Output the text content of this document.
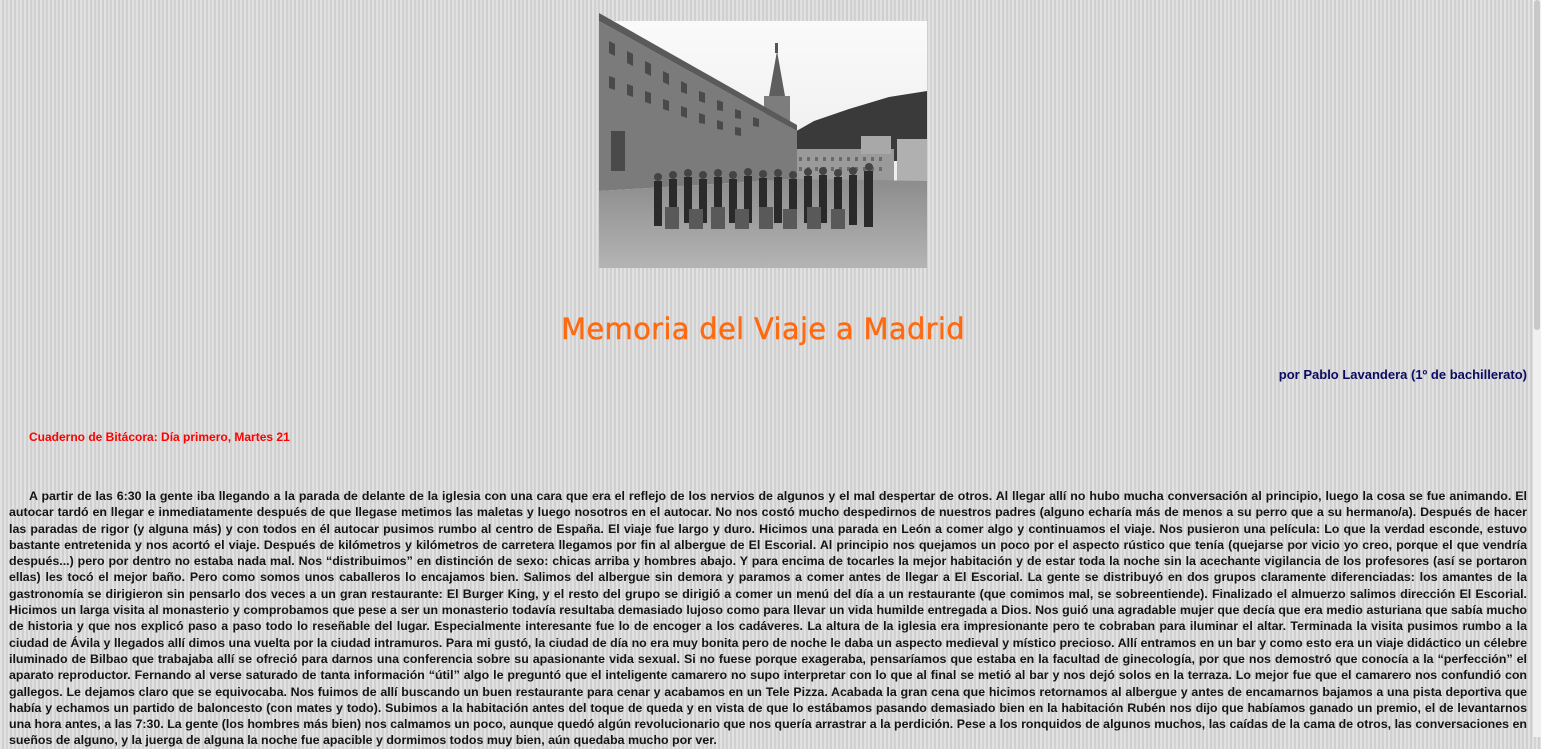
Memoria del Viaje a Madrid

por Pablo Lavandera (1º de bachillerato)

Cuaderno de Bitácora: Día primero, Martes 21

A partir de las 6:30 la gente iba llegando a la parada de delante de la iglesia con una cara que era el reflejo de los nervios de algunos y el mal despertar de otros. Al llegar allí no hubo mucha conversación al principio, luego la cosa se fue animando. El autocar tardó en llegar e inmediatamente después de que llegase metimos las maletas y luego nosotros en el autocar. No nos costó mucho despedirnos de nuestros padres (alguno echaría más de menos a su perro que a su hermano/a). Después de hacer las paradas de rigor (y alguna más) y con todos en él autocar pusimos rumbo al centro de España. El viaje fue largo y duro. Hicimos una parada en León a comer algo y continuamos el viaje. Nos pusieron una película: Lo que la verdad esconde, estuvo bastante entretenida y nos acortó el viaje. Después de kilómetros y kilómetros de carretera llegamos por fin al albergue de El Escorial. Al principio nos quejamos un poco por el aspecto rústico que tenía (quejarse por vicio yo creo, porque el que vendría después...) pero por dentro no estaba nada mal. Nos “distribuimos” en distinción de sexo: chicas arriba y hombres abajo. Y para encima de tocarles la mejor habitación y de estar toda la noche sin la acechante vigilancia de los profesores (así se portaron ellas) les tocó el mejor baño. Pero como somos unos caballeros lo encajamos bien. Salimos del albergue sin demora y paramos a comer antes de llegar a El Escorial. La gente se distribuyó en dos grupos claramente diferenciadas: los amantes de la gastronomía se dirigieron sin pensarlo dos veces a un gran restaurante: El Burger King, y el resto del grupo se dirigió a comer un menú del día a un restaurante (que comimos mal, se sobreentiende). Finalizado el almuerzo salimos dirección El Escorial. Hicimos un larga visita al monasterio y comprobamos que pese a ser un monasterio todavía resultaba demasiado lujoso como para llevar un vida humilde entregada a Dios. Nos guió una agradable mujer que decía que era medio asturiana que sabía mucho de historia y que nos explicó paso a paso todo lo reseñable del lugar. Especialmente interesante fue lo de encoger a los cadáveres. La altura de la iglesia era impresionante pero te cobraban para iluminar el altar. Terminada la visita pusimos rumbo a la ciudad de Ávila y llegados allí dimos una vuelta por la ciudad intramuros. Para mi gustó, la ciudad de día no era muy bonita pero de noche le daba un aspecto medieval y místico precioso. Allí entramos en un bar y como esto era un viaje didáctico un célebre iluminado de Bilbao que trabajaba allí se ofreció para darnos una conferencia sobre su apasionante vida sexual. Si no fuese porque exageraba, pensaríamos que estaba en la facultad de ginecología, por que nos demostró que conocía a la “perfección” el aparato reproductor. Fernando al verse saturado de tanta información “útil” algo le preguntó que el inteligente camarero no supo interpretar con lo que al final se metió al bar y nos dejó solos en la terraza. Lo mejor fue que el camarero nos confundió con gallegos. Le dejamos claro que se equivocaba. Nos fuimos de allí buscando un buen restaurante para cenar y acabamos en un Tele Pizza. Acabada la gran cena que hicimos retornamos al albergue y antes de encamarnos bajamos a una pista deportiva que había y echamos un partido de baloncesto (con mates y todo). Subimos a la habitación antes del toque de queda y en vista de que lo estábamos pasando demasiado bien en la habitación Rubén nos dijo que habíamos ganado un premio, el de levantarnos una hora antes, a las 7:30. La gente (los hombres más bien) nos calmamos un poco, aunque quedó algún revolucionario que nos quería arrastrar a la perdición. Pese a los ronquidos de algunos muchos, las caídas de la cama de otros, las conversaciones en sueños de alguno, y la juerga de alguna la noche fue apacible y dormimos todos muy bien, aún quedaba mucho por ver.
